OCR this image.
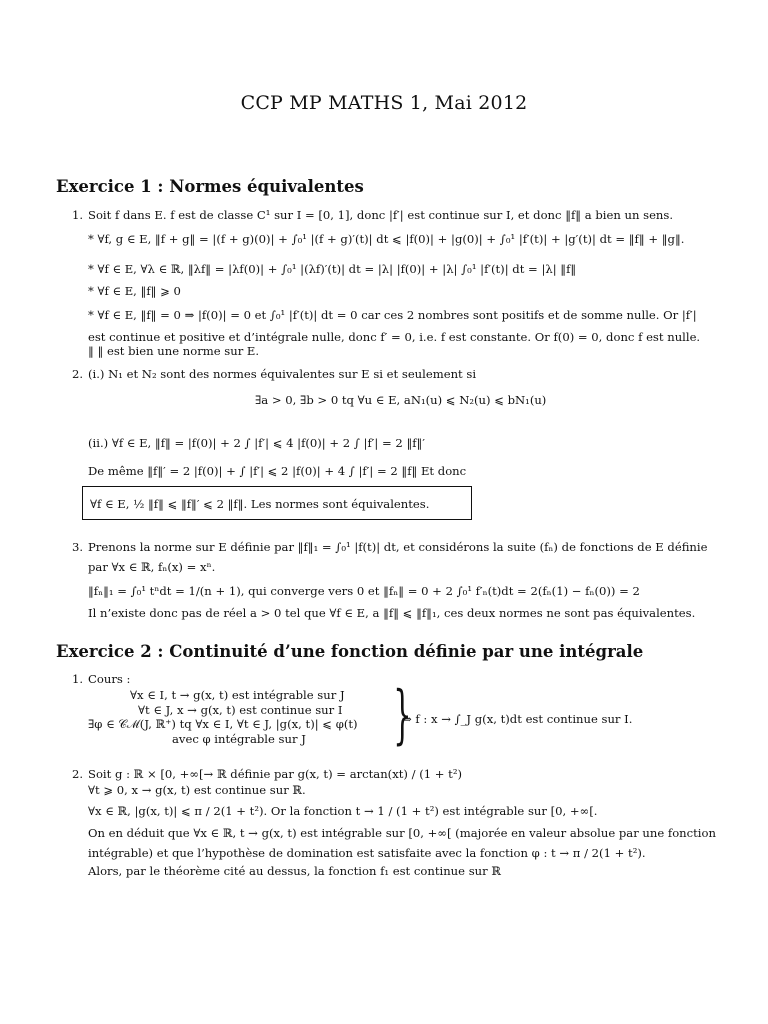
CCP MP MATHS 1, Mai 2012
Exercice 1 : Normes équivalentes
1. Soit f dans E. f est de classe C¹ sur I = [0, 1], donc |f′| est continue sur I, et donc ‖f‖ a bien un sens.
* ∀f, g ∈ E, ‖f + g‖ = |(f + g)(0)| + ∫₀¹ |(f + g)′(t)| dt ⩽ |f(0)| + |g(0)| + ∫₀¹ |f′(t)| + |g′(t)| dt = ‖f‖ + ‖g‖.
* ∀f ∈ E, ∀λ ∈ ℝ, ‖λf‖ = |λf(0)| + ∫₀¹ |(λf)′(t)| dt = |λ| |f(0)| + |λ| ∫₀¹ |f′(t)| dt = |λ| ‖f‖
* ∀f ∈ E, ‖f‖ ⩾ 0
* ∀f ∈ E, ‖f‖ = 0 ⇒ |f(0)| = 0 et ∫₀¹ |f′(t)| dt = 0 car ces 2 nombres sont positifs et de somme nulle. Or |f′|
est continue et positive et d’intégrale nulle, donc f′ = 0, i.e. f est constante. Or f(0) = 0, donc f est nulle.
‖ ‖ est bien une norme sur E.
2. (i.) N₁ et N₂ sont des normes équivalentes sur E si et seulement si
∃a > 0, ∃b > 0 tq ∀u ∈ E, aN₁(u) ⩽ N₂(u) ⩽ bN₁(u)
(ii.) ∀f ∈ E, ‖f‖ = |f(0)| + 2 ∫ |f′| ⩽ 4 |f(0)| + 2 ∫ |f′| = 2 ‖f‖′
De même ‖f‖′ = 2 |f(0)| + ∫ |f′| ⩽ 2 |f(0)| + 4 ∫ |f′| = 2 ‖f‖ Et donc
∀f ∈ E, ½ ‖f‖ ⩽ ‖f‖′ ⩽ 2 ‖f‖. Les normes sont équivalentes.
3. Prenons la norme sur E définie par ‖f‖₁ = ∫₀¹ |f(t)| dt, et considérons la suite (fₙ) de fonctions de E définie
par ∀x ∈ ℝ, fₙ(x) = xⁿ.
‖fₙ‖₁ = ∫₀¹ tⁿdt = 1/(n + 1), qui converge vers 0 et ‖fₙ‖ = 0 + 2 ∫₀¹ f′ₙ(t)dt = 2(fₙ(1) − fₙ(0)) = 2
Il n’existe donc pas de réel a > 0 tel que ∀f ∈ E, a ‖f‖ ⩽ ‖f‖₁, ces deux normes ne sont pas équivalentes.
Exercice 2 : Continuité d’une fonction définie par une intégrale
1. Cours :
∀x ∈ I, t → g(x, t) est intégrable sur J
∀t ∈ J, x → g(x, t) est continue sur I
∃φ ∈ 𝒞ℳ(J, ℝ⁺) tq ∀x ∈ I, ∀t ∈ J, |g(x, t)| ⩽ φ(t)
avec φ intégrable sur J }
⇒ f : x → ∫_J g(x, t)dt est continue sur I.
2. Soit g : ℝ × [0, +∞[→ ℝ définie par g(x, t) = arctan(xt) / (1 + t²)
∀t ⩾ 0, x → g(x, t) est continue sur ℝ.
∀x ∈ ℝ, |g(x, t)| ⩽ π / 2(1 + t²). Or la fonction t → 1 / (1 + t²) est intégrable sur [0, +∞[.
On en déduit que ∀x ∈ ℝ, t → g(x, t) est intégrable sur [0, +∞[ (majorée en valeur absolue par une fonction
intégrable) et que l’hypothèse de domination est satisfaite avec la fonction φ : t → π / 2(1 + t²).
Alors, par le théorème cité au dessus, la fonction f₁ est continue sur ℝ
